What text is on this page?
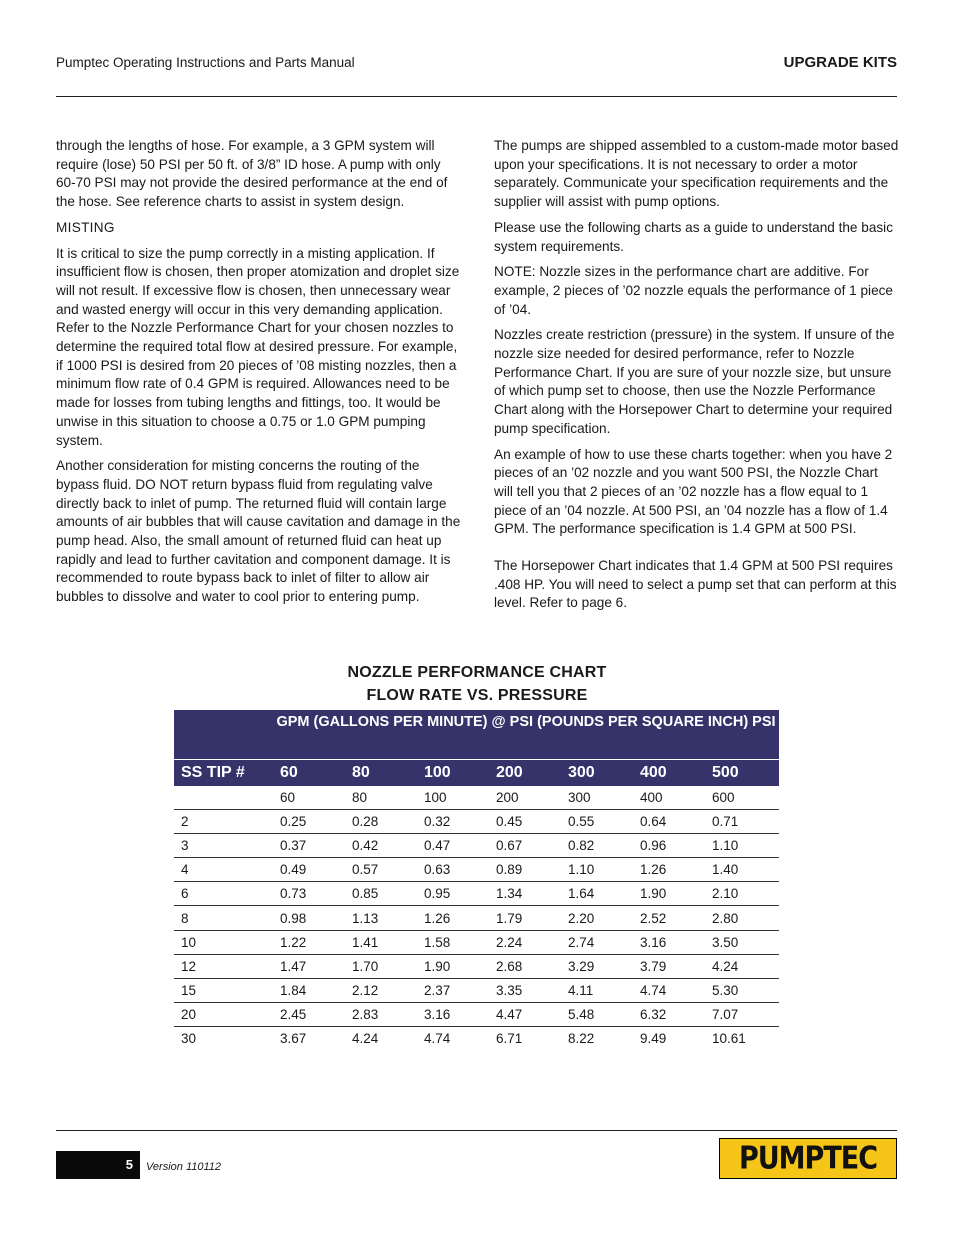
Pumptec Operating Instructions and Parts Manual	UPGRADE KITS

through the lengths of hose. For example, a 3 GPM system will require (lose) 50 PSI per 50 ft. of 3/8” ID hose. A pump with only 60-70 PSI may not provide the desired performance at the end of the hose. See reference charts to assist in system design.

MISTING

It is critical to size the pump correctly in a misting application. If insufficient flow is chosen, then proper atomization and droplet size will not result. If excessive flow is chosen, then unnecessary wear and wasted energy will occur in this very demanding application. Refer to the Nozzle Performance Chart for your chosen nozzles to determine the required total flow at desired pressure. For example, if 1000 PSI is desired from 20 pieces of ’08 misting nozzles, then a minimum flow rate of 0.4 GPM is required. Allowances need to be made for losses from tubing lengths and fittings, too. It would be unwise in this situation to choose a 0.75 or 1.0 GPM pumping system.

Another consideration for misting concerns the routing of the bypass fluid. DO NOT return bypass fluid from regulating valve directly back to inlet of pump. The returned fluid will contain large amounts of air bubbles that will cause cavitation and damage in the pump head. Also, the small amount of returned fluid can heat up rapidly and lead to further cavitation and component damage. It is recommended to route bypass back to inlet of filter to allow air bubbles to dissolve and water to cool prior to entering pump.

The pumps are shipped assembled to a custom-made motor based upon your specifications. It is not necessary to order a motor separately. Communicate your specification requirements and the supplier will assist with pump options.

Please use the following charts as a guide to understand the basic system requirements.

NOTE: Nozzle sizes in the performance chart are additive. For example, 2 pieces of ’02 nozzle equals the performance of 1 piece of ’04.

Nozzles create restriction (pressure) in the system. If unsure of the nozzle size needed for desired performance, refer to Nozzle Performance Chart. If you are sure of your nozzle size, but unsure of which pump set to choose, then use the Nozzle Performance Chart along with the Horsepower Chart to determine your required pump specification.

An example of how to use these charts together: when you have 2 pieces of an ’02 nozzle and you want 500 PSI, the Nozzle Chart will tell you that 2 pieces of an ’02 nozzle has a flow equal to 1 piece of an ’04 nozzle. At 500 PSI, an ’04 nozzle has a flow of 1.4 GPM. The performance specification is 1.4 GPM at 500 PSI.

The Horsepower Chart indicates that 1.4 GPM at 500 PSI requires .408 HP. You will need to select a pump set that can perform at this level. Refer to page 6.

NOZZLE PERFORMANCE CHART
FLOW RATE VS. PRESSURE
	GPM (GALLONS PER MINUTE) @ PSI (POUNDS PER SQUARE INCH) PSI						
SS TIP #	60	80	100	200	300	400	500
	60	80	100	200	300	400	600
2	0.25	0.28	0.32	0.45	0.55	0.64	0.71
3	0.37	0.42	0.47	0.67	0.82	0.96	1.10
4	0.49	0.57	0.63	0.89	1.10	1.26	1.40
6	0.73	0.85	0.95	1.34	1.64	1.90	2.10
8	0.98	1.13	1.26	1.79	2.20	2.52	2.80
10	1.22	1.41	1.58	2.24	2.74	3.16	3.50
12	1.47	1.70	1.90	2.68	3.29	3.79	4.24
15	1.84	2.12	2.37	3.35	4.11	4.74	5.30
20	2.45	2.83	3.16	4.47	5.48	6.32	7.07
30	3.67	4.24	4.74	6.71	8.22	9.49	10.61
5 Version 110112	PUMPTEC
